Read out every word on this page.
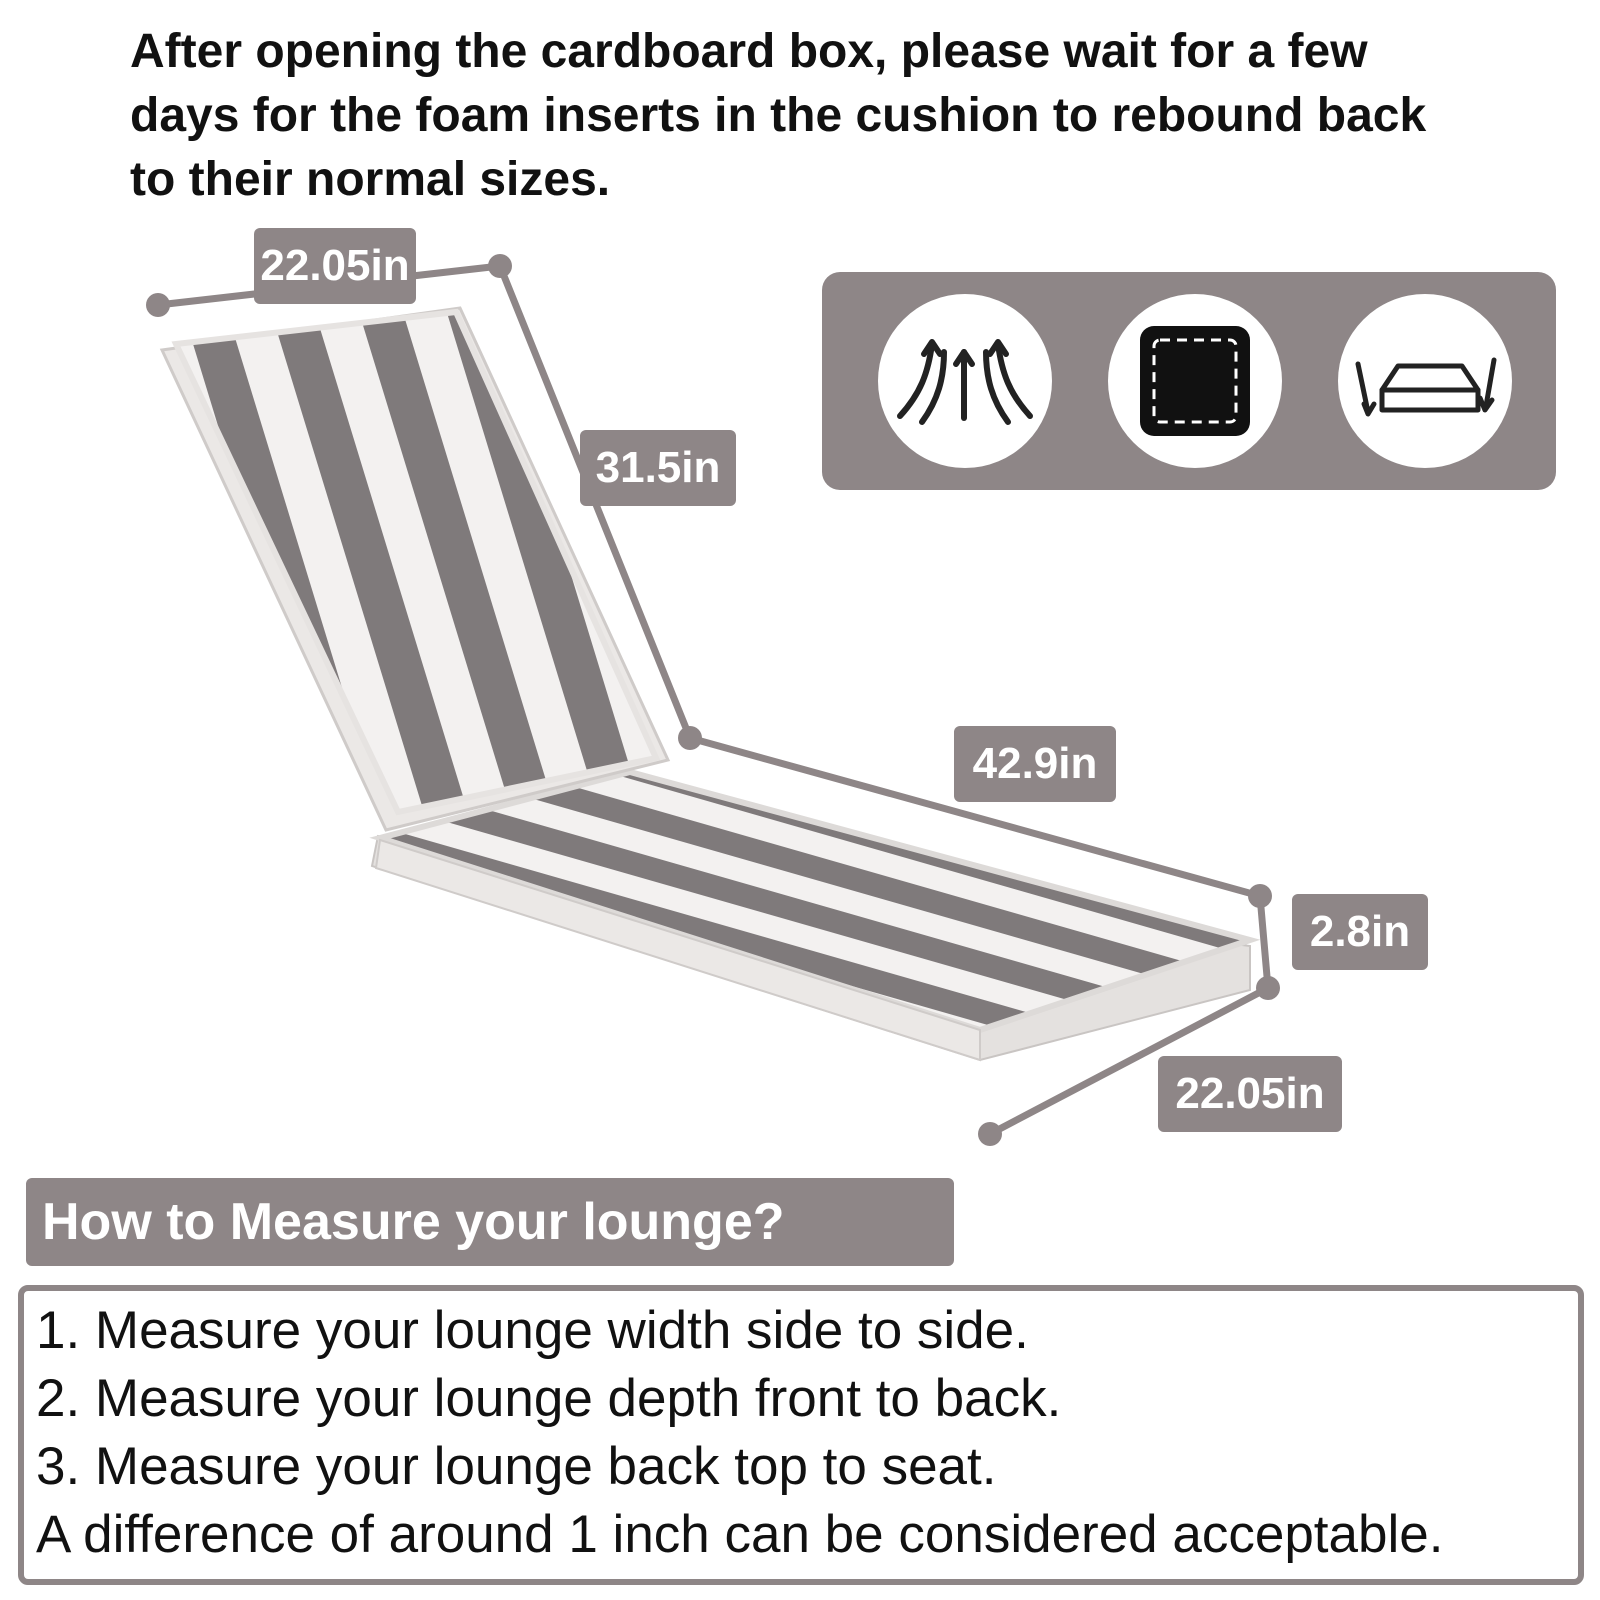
After opening the cardboard box, please wait for a few days for the foam inserts in the cushion to rebound back to their normal sizes.

22.05in
31.5in
42.9in
2.8in
22.05in
How to Measure your lounge?

1. Measure your lounge width side to side.

2. Measure your lounge depth front to back.

3. Measure your lounge back top to seat.

A difference of around 1 inch can be considered acceptable.
